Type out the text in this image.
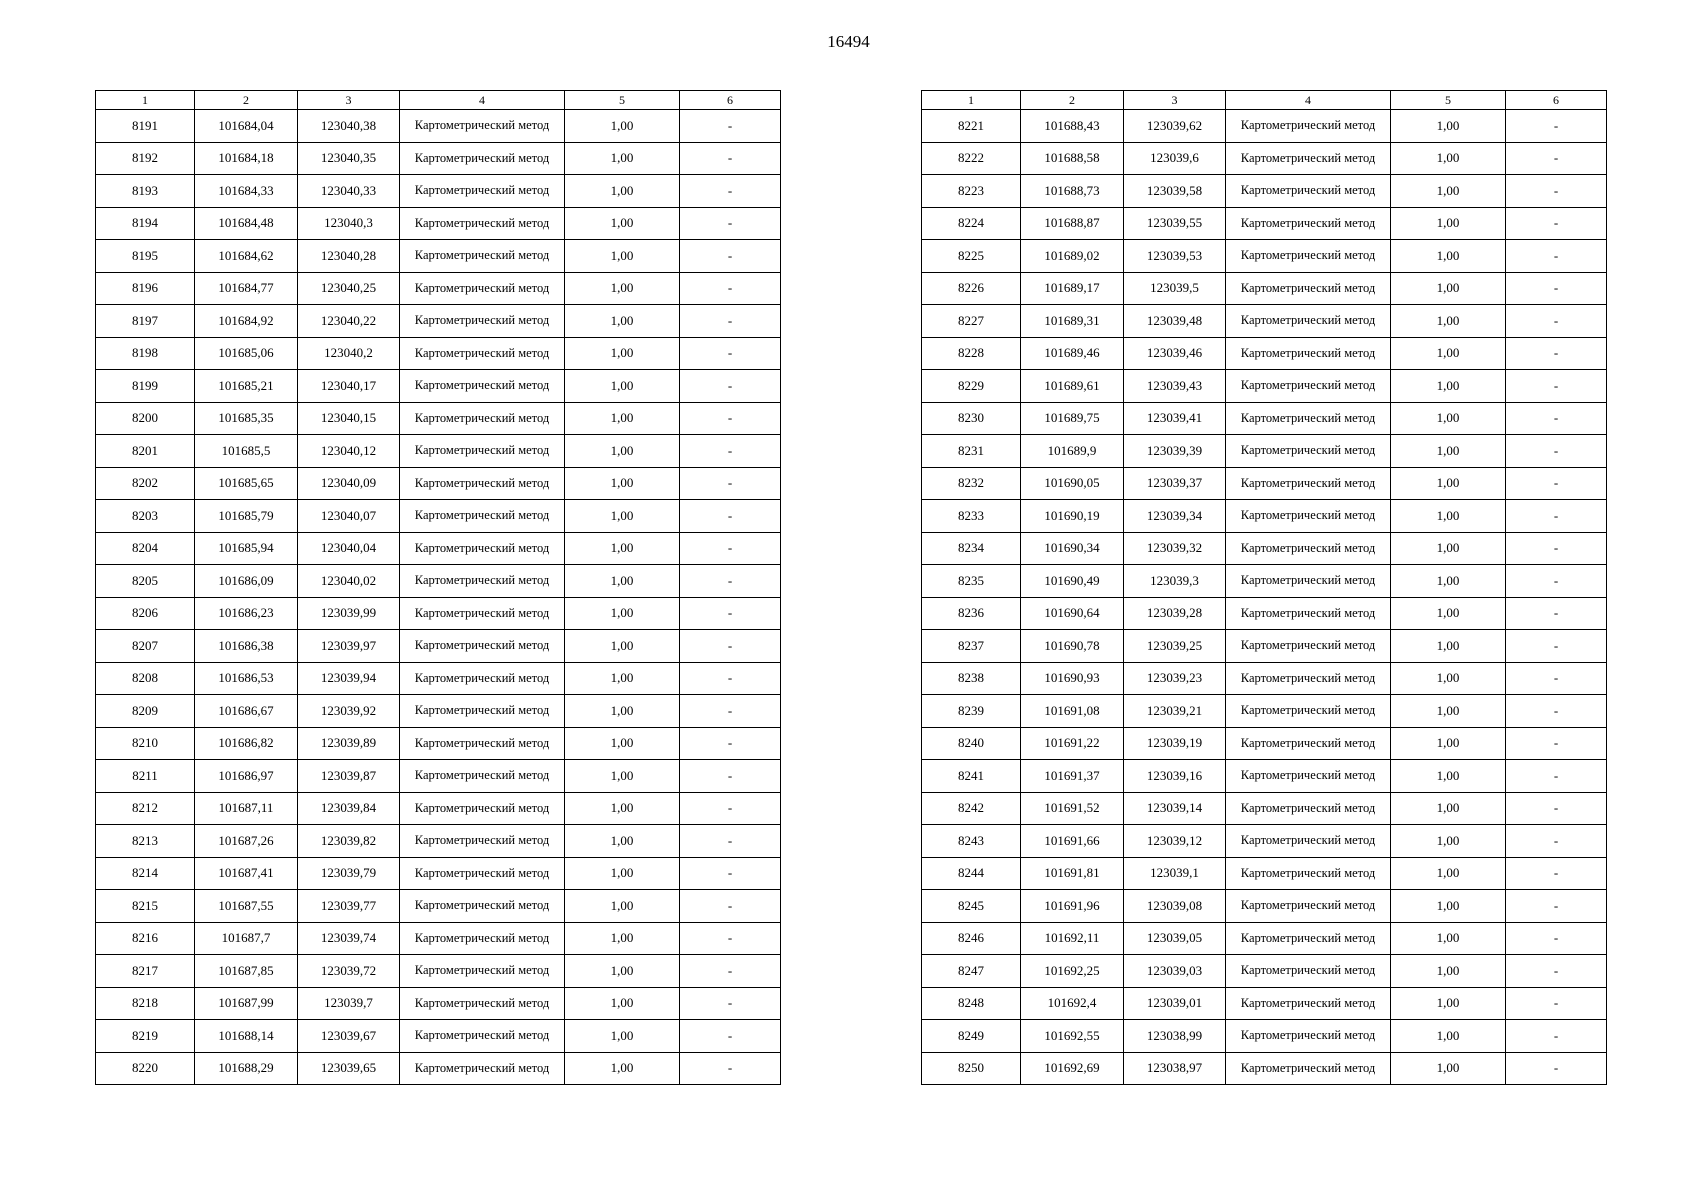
16494
1	2	3	4	5	6
8191	101684,04	123040,38	Картометрический метод	1,00	-
8192	101684,18	123040,35	Картометрический метод	1,00	-
8193	101684,33	123040,33	Картометрический метод	1,00	-
8194	101684,48	123040,3	Картометрический метод	1,00	-
8195	101684,62	123040,28	Картометрический метод	1,00	-
8196	101684,77	123040,25	Картометрический метод	1,00	-
8197	101684,92	123040,22	Картометрический метод	1,00	-
8198	101685,06	123040,2	Картометрический метод	1,00	-
8199	101685,21	123040,17	Картометрический метод	1,00	-
8200	101685,35	123040,15	Картометрический метод	1,00	-
8201	101685,5	123040,12	Картометрический метод	1,00	-
8202	101685,65	123040,09	Картометрический метод	1,00	-
8203	101685,79	123040,07	Картометрический метод	1,00	-
8204	101685,94	123040,04	Картометрический метод	1,00	-
8205	101686,09	123040,02	Картометрический метод	1,00	-
8206	101686,23	123039,99	Картометрический метод	1,00	-
8207	101686,38	123039,97	Картометрический метод	1,00	-
8208	101686,53	123039,94	Картометрический метод	1,00	-
8209	101686,67	123039,92	Картометрический метод	1,00	-
8210	101686,82	123039,89	Картометрический метод	1,00	-
8211	101686,97	123039,87	Картометрический метод	1,00	-
8212	101687,11	123039,84	Картометрический метод	1,00	-
8213	101687,26	123039,82	Картометрический метод	1,00	-
8214	101687,41	123039,79	Картометрический метод	1,00	-
8215	101687,55	123039,77	Картометрический метод	1,00	-
8216	101687,7	123039,74	Картометрический метод	1,00	-
8217	101687,85	123039,72	Картометрический метод	1,00	-
8218	101687,99	123039,7	Картометрический метод	1,00	-
8219	101688,14	123039,67	Картометрический метод	1,00	-
8220	101688,29	123039,65	Картометрический метод	1,00	-
1	2	3	4	5	6
8221	101688,43	123039,62	Картометрический метод	1,00	-
8222	101688,58	123039,6	Картометрический метод	1,00	-
8223	101688,73	123039,58	Картометрический метод	1,00	-
8224	101688,87	123039,55	Картометрический метод	1,00	-
8225	101689,02	123039,53	Картометрический метод	1,00	-
8226	101689,17	123039,5	Картометрический метод	1,00	-
8227	101689,31	123039,48	Картометрический метод	1,00	-
8228	101689,46	123039,46	Картометрический метод	1,00	-
8229	101689,61	123039,43	Картометрический метод	1,00	-
8230	101689,75	123039,41	Картометрический метод	1,00	-
8231	101689,9	123039,39	Картометрический метод	1,00	-
8232	101690,05	123039,37	Картометрический метод	1,00	-
8233	101690,19	123039,34	Картометрический метод	1,00	-
8234	101690,34	123039,32	Картометрический метод	1,00	-
8235	101690,49	123039,3	Картометрический метод	1,00	-
8236	101690,64	123039,28	Картометрический метод	1,00	-
8237	101690,78	123039,25	Картометрический метод	1,00	-
8238	101690,93	123039,23	Картометрический метод	1,00	-
8239	101691,08	123039,21	Картометрический метод	1,00	-
8240	101691,22	123039,19	Картометрический метод	1,00	-
8241	101691,37	123039,16	Картометрический метод	1,00	-
8242	101691,52	123039,14	Картометрический метод	1,00	-
8243	101691,66	123039,12	Картометрический метод	1,00	-
8244	101691,81	123039,1	Картометрический метод	1,00	-
8245	101691,96	123039,08	Картометрический метод	1,00	-
8246	101692,11	123039,05	Картометрический метод	1,00	-
8247	101692,25	123039,03	Картометрический метод	1,00	-
8248	101692,4	123039,01	Картометрический метод	1,00	-
8249	101692,55	123038,99	Картометрический метод	1,00	-
8250	101692,69	123038,97	Картометрический метод	1,00	-
